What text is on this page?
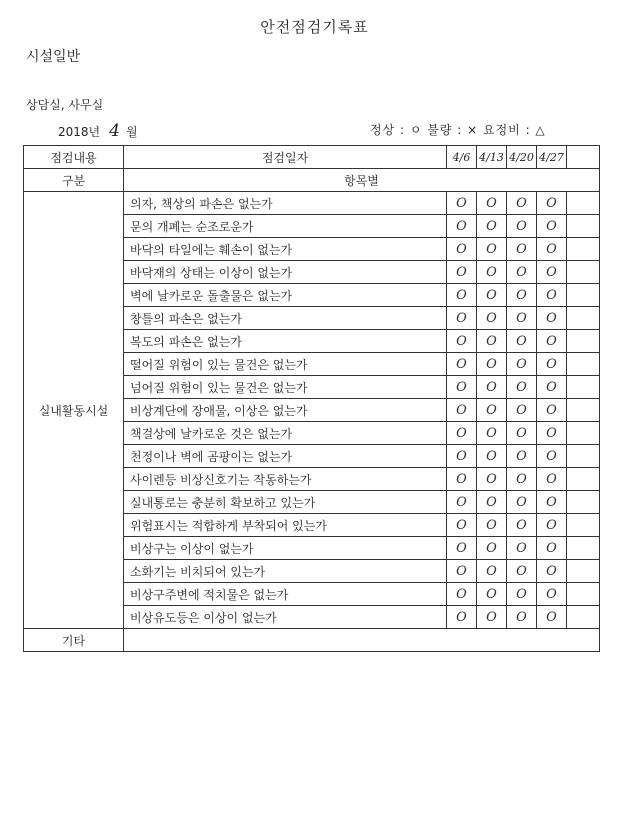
안전점검기록표
시설일반
상담실, 사무실
2018년 4 월	정상 : ㅇ 불량 : × 요정비 : △
점검내용	점검일자	4/6	4/13	4/20	4/27	
구분	항목별					
실내활동시설	의자, 책상의 파손은 없는가	O	O	O	O	
	문의 개폐는 순조로운가	O	O	O	O	
	바닥의 타일에는 훼손이 없는가	O	O	O	O	
	바닥재의 상태는 이상이 없는가	O	O	O	O	
	벽에 날카로운 돌출물은 없는가	O	O	O	O	
	창틀의 파손은 없는가	O	O	O	O	
	복도의 파손은 없는가	O	O	O	O	
	떨어질 위험이 있는 물건은 없는가	O	O	O	O	
	넘어질 위험이 있는 물건은 없는가	O	O	O	O	
	비상계단에 장애물, 이상은 없는가	O	O	O	O	
	책걸상에 날카로운 것은 없는가	O	O	O	O	
	천정이나 벽에 곰팡이는 없는가	O	O	O	O	
	사이렌등 비상신호기는 작동하는가	O	O	O	O	
	실내통로는 충분히 확보하고 있는가	O	O	O	O	
	위험표시는 적합하게 부착되어 있는가	O	O	O	O	
	비상구는 이상이 없는가	O	O	O	O	
	소화기는 비치되어 있는가	O	O	O	O	
	비상구주변에 적치물은 없는가	O	O	O	O	
	비상유도등은 이상이 없는가	O	O	O	O	
기타						
